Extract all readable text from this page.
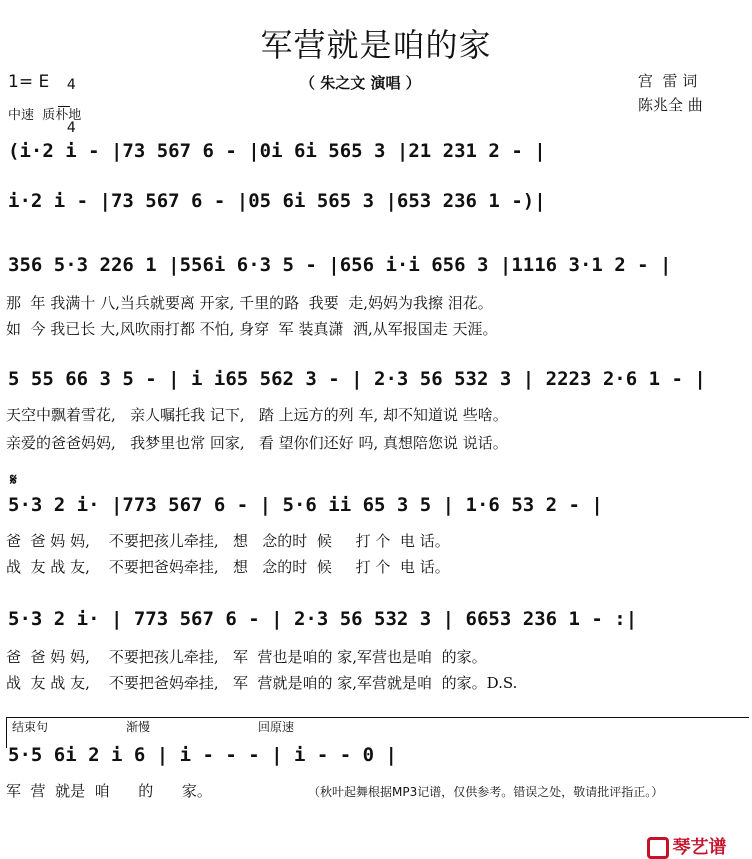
军营就是咱的家
（ 朱之文 演唱 ）
1= E	4

4

中速  质朴地
宫  雷 词
陈兆全 曲
(i·2 i - |73 567 6 - |0i 6i 565 3 |21 231 2 - |
i·2 i - |73 567 6 - |05 6i 565 3 |653 236 1 -)|
356 5·3 226 1 |556i 6·3 5 - |656 i·i 656 3 |1116 3·1 2 - |
那  年 我满十 八,当兵就要离 开家, 千里的路  我要  走,妈妈为我擦 泪花。
如  今 我已长 大,风吹雨打都 不怕, 身穿  军 装真潇  洒,从军报国走 天涯。
5 55 66 3 5 - | i i65 562 3 - | 2·3 56 532 3 | 2223 2·6 1 - |
天空中飘着雪花,   亲人嘱托我 记下,   踏 上远方的列 车, 却不知道说 些啥。
亲爱的爸爸妈妈,   我梦里也常 回家,   看 望你们还好 吗, 真想陪您说 说话。
𝄋
5·3 2 i· |773 567 6 - | 5·6 ii 65 3 5 | 1·6 53 2 - |
爸  爸 妈 妈,    不要把孩儿牵挂,   想   念的时  候     打 个  电 话。
战  友 战 友,    不要把爸妈牵挂,   想   念的时  候     打 个  电 话。
5·3 2 i· | 773 567 6 - | 2·3 56 532 3 | 6653 236 1 - :|
爸  爸 妈 妈,    不要把孩儿牵挂,   军  营也是咱的 家,军营也是咱  的家。
战  友 战 友,    不要把爸妈牵挂,   军  营就是咱的 家,军营就是咱  的家。D.S.
结束句	渐慢	回原速
5·5 6i 2 i 6 | i - - - | i - - 0 |
军  营  就是  咱      的      家。	（秋叶起舞根据MP3记谱，仅供参考。错误之处，敬请批评指正。）

琴艺谱
